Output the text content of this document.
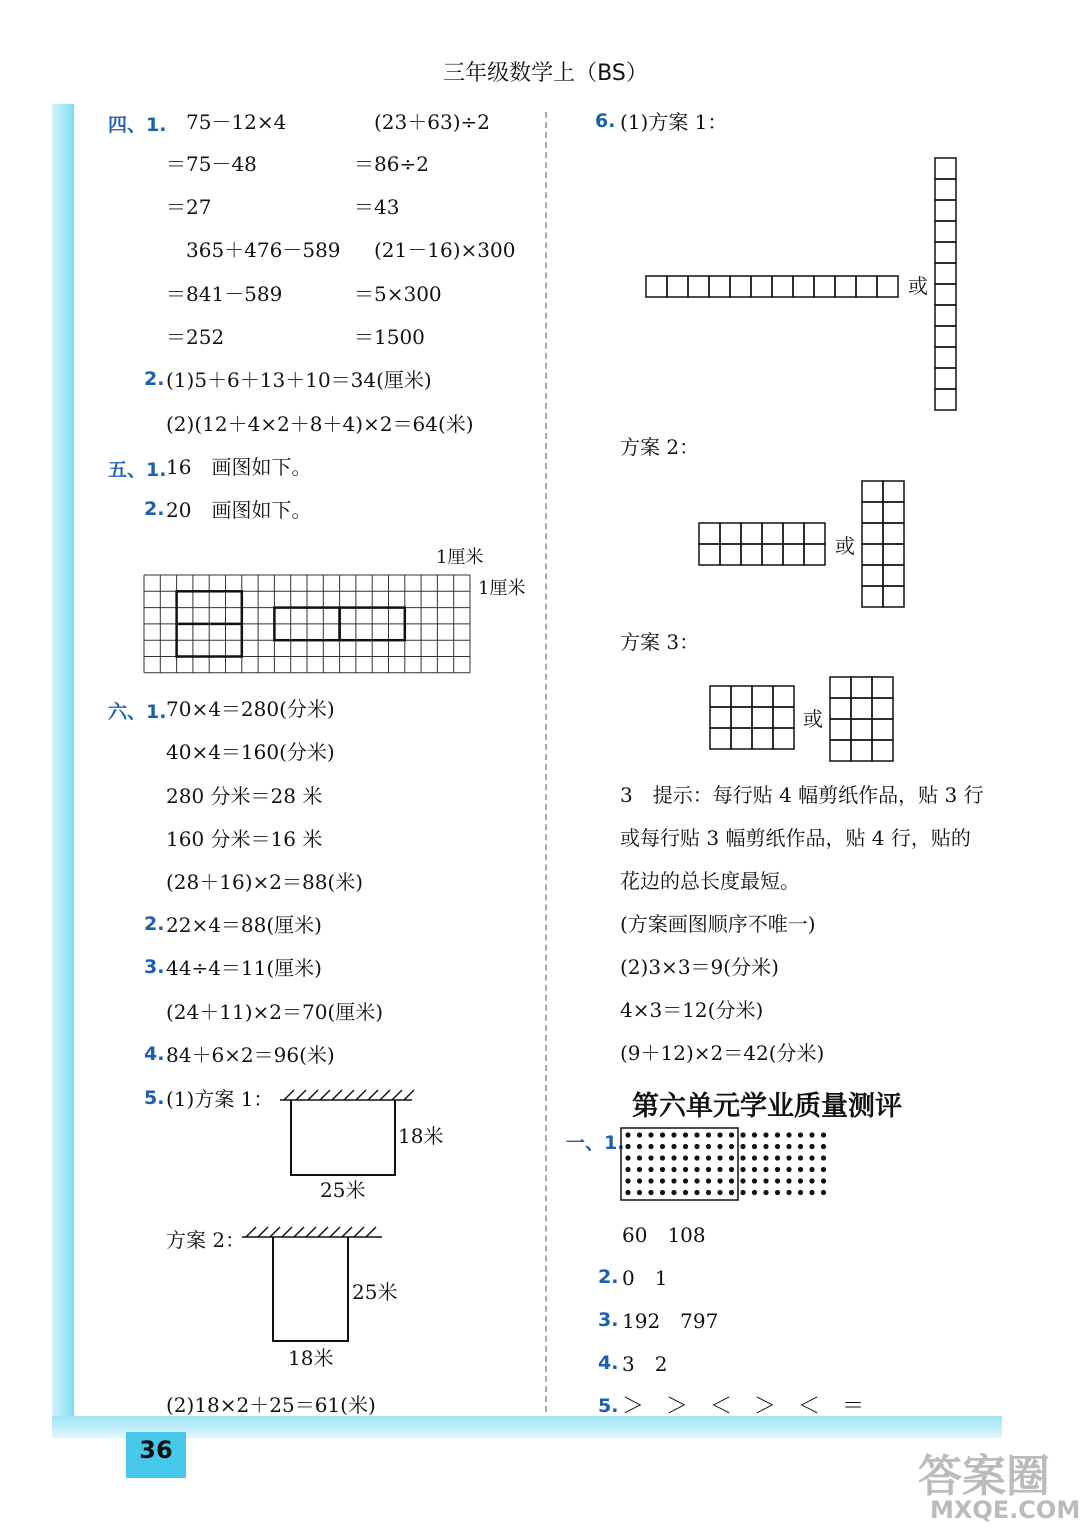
36
三年级数学上（BS）
四、1. 75－12×4
＝75－48
＝27
(23＋63)÷2
＝86÷2
＝43
365＋476－589
＝841－589
＝252
(21－16)×300
＝5×300
＝1500
2. (1)5＋6＋13＋10＝34(厘米)
(2)(12＋4×2＋8＋4)×2＝64(米)
五、1. 16　画图如下。
2. 20　画图如下。
1厘米
1厘米
六、1. 70×4＝280(分米)
40×4＝160(分米)
280 分米＝28 米
160 分米＝16 米
(28＋16)×2＝88(米)
2. 22×4＝88(厘米)
3. 44÷4＝11(厘米)
(24＋11)×2＝70(厘米)
4. 84＋6×2＝96(米)
5. (1)方案 1：
18米
25米
方案 2：
25米
18米
(2)18×2＋25＝61(米)
6. (1)方案 1：
或
方案 2：
或
方案 3：
或
3　提示：每行贴 4 幅剪纸作品，贴 3 行
或每行贴 3 幅剪纸作品，贴 4 行，贴的
花边的总长度最短。
(方案画图顺序不唯一)
(2)3×3＝9(分米)
4×3＝12(分米)
(9＋12)×2＝42(分米)
第六单元学业质量测评
一、1.
60　108
2. 0　1
3. 192　797
4. 3　2
5. ＞　＞　＜　＞　＜　＝
答案圈
MXQE.COM
